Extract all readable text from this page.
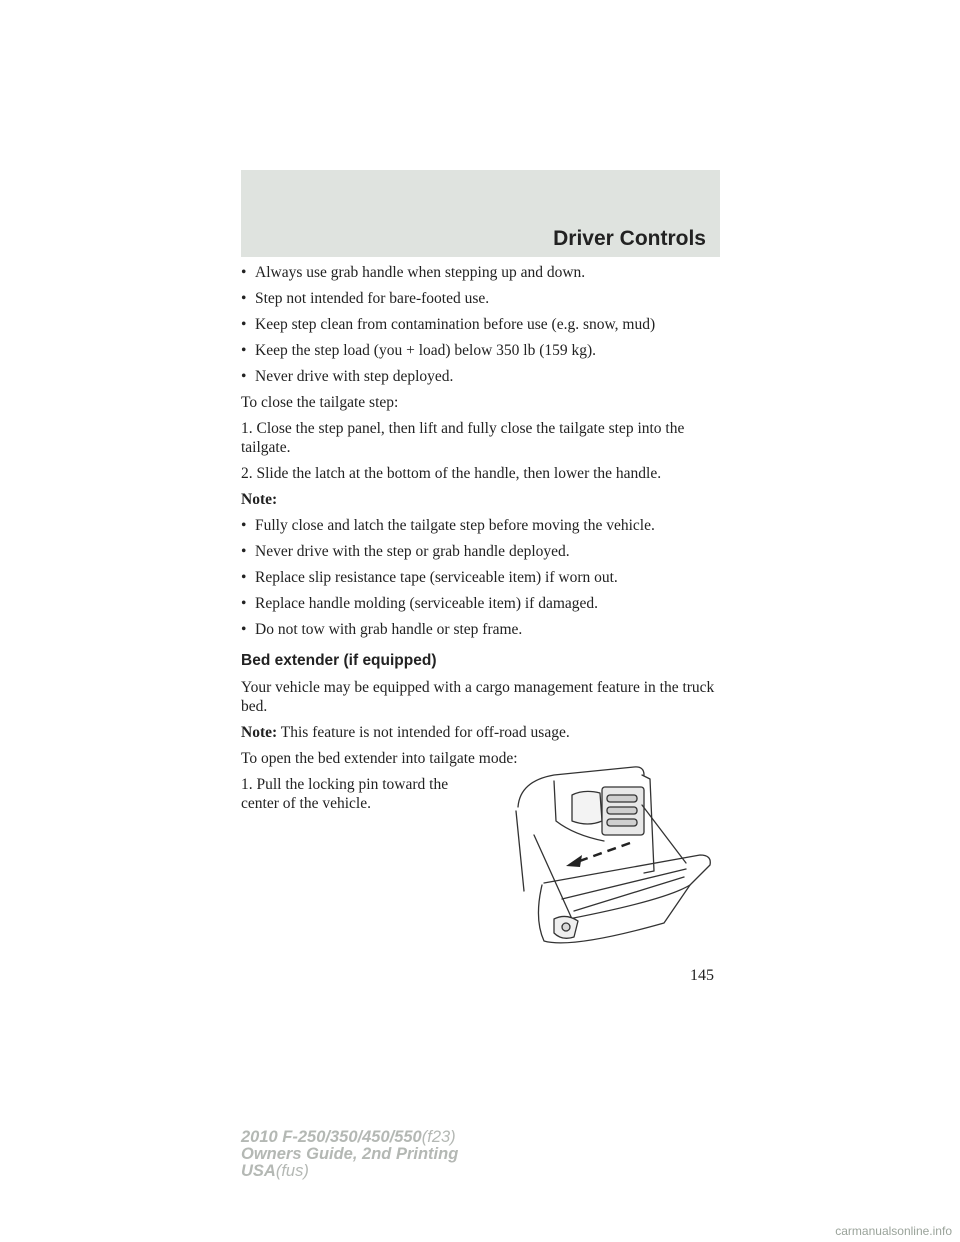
Driver Controls
• Always use grab handle when stepping up and down.
• Step not intended for bare-footed use.
• Keep step clean from contamination before use (e.g. snow, mud)
• Keep the step load (you + load) below 350 lb (159 kg).
• Never drive with step deployed.
To close the tailgate step:
1. Close the step panel, then lift and fully close the tailgate step into the tailgate.
2. Slide the latch at the bottom of the handle, then lower the handle.
Note:
• Fully close and latch the tailgate step before moving the vehicle.
• Never drive with the step or grab handle deployed.
• Replace slip resistance tape (serviceable item) if worn out.
• Replace handle molding (serviceable item) if damaged.
• Do not tow with grab handle or step frame.
Bed extender (if equipped)
Your vehicle may be equipped with a cargo management feature in the truck bed.
Note: This feature is not intended for off-road usage.
To open the bed extender into tailgate mode:
1. Pull the locking pin toward the center of the vehicle.
145
2010 F-250/350/450/550(f23)
Owners Guide, 2nd Printing
USA(fus)
carmanualsonline.info
